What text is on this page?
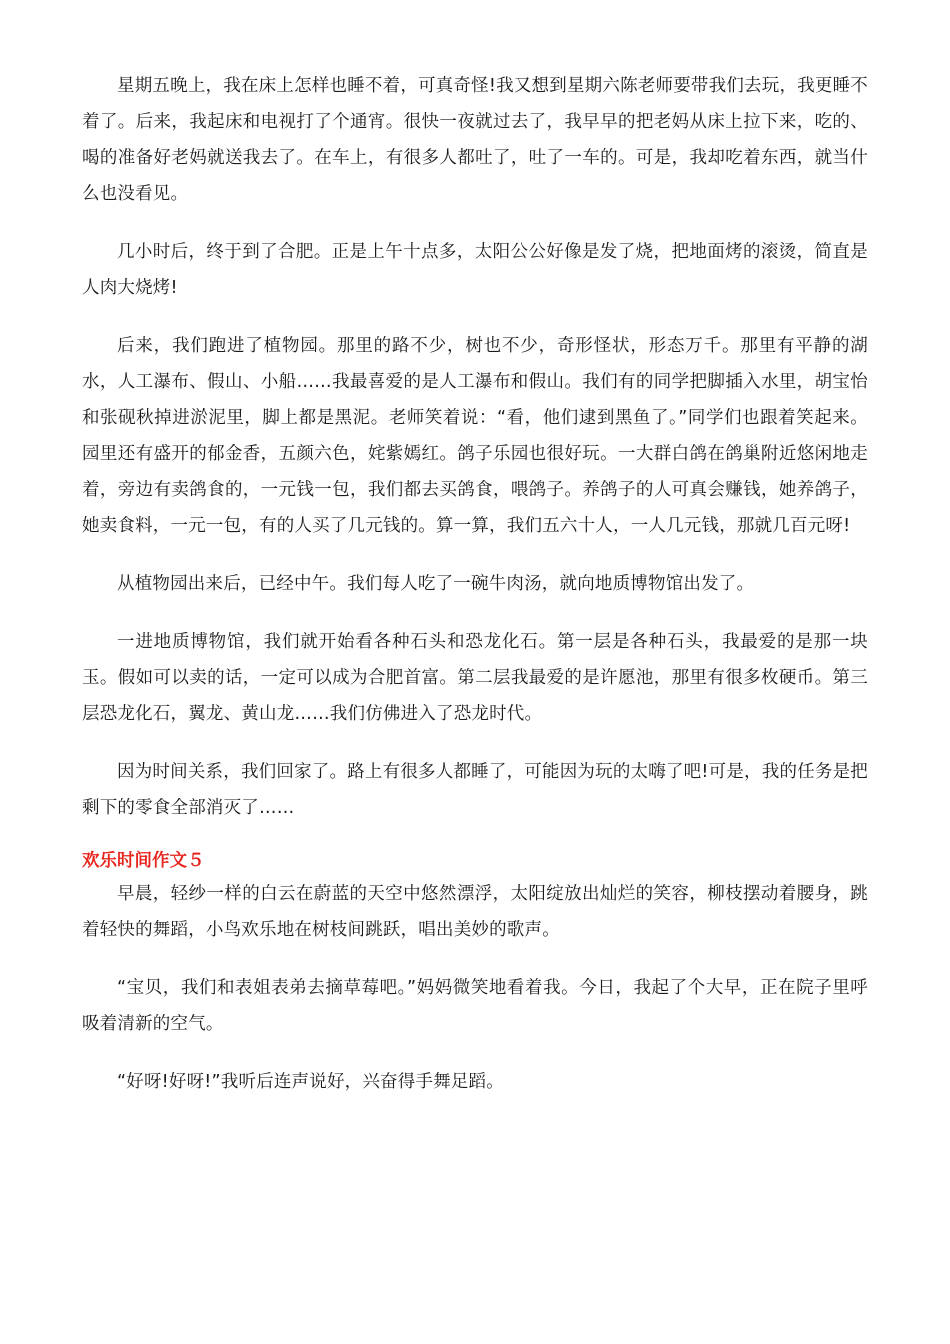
星期五晚上，我在床上怎样也睡不着，可真奇怪!我又想到星期六陈老师要带我们去玩，我更睡不着了。后来，我起床和电视打了个通宵。很快一夜就过去了，我早早的把老妈从床上拉下来，吃的、喝的准备好老妈就送我去了。在车上，有很多人都吐了，吐了一车的。可是，我却吃着东西，就当什么也没看见。

几小时后，终于到了合肥。正是上午十点多，太阳公公好像是发了烧，把地面烤的滚烫，简直是人肉大烧烤!

后来，我们跑进了植物园。那里的路不少，树也不少，奇形怪状，形态万千。那里有平静的湖水，人工瀑布、假山、小船……我最喜爱的是人工瀑布和假山。我们有的同学把脚插入水里，胡宝怡和张砚秋掉进淤泥里，脚上都是黑泥。老师笑着说：“看，他们逮到黑鱼了。”同学们也跟着笑起来。园里还有盛开的郁金香，五颜六色，姹紫嫣红。鸽子乐园也很好玩。一大群白鸽在鸽巢附近悠闲地走着，旁边有卖鸽食的，一元钱一包，我们都去买鸽食，喂鸽子。养鸽子的人可真会赚钱，她养鸽子，她卖食料，一元一包，有的人买了几元钱的。算一算，我们五六十人，一人几元钱，那就几百元呀!

从植物园出来后，已经中午。我们每人吃了一碗牛肉汤，就向地质博物馆出发了。

一进地质博物馆，我们就开始看各种石头和恐龙化石。第一层是各种石头，我最爱的是那一块玉。假如可以卖的话，一定可以成为合肥首富。第二层我最爱的是许愿池，那里有很多枚硬币。第三层恐龙化石，翼龙、黄山龙……我们仿佛进入了恐龙时代。

因为时间关系，我们回家了。路上有很多人都睡了，可能因为玩的太嗨了吧!可是，我的任务是把剩下的零食全部消灭了……

欢乐时间作文５

早晨，轻纱一样的白云在蔚蓝的天空中悠然漂浮，太阳绽放出灿烂的笑容，柳枝摆动着腰身，跳着轻快的舞蹈，小鸟欢乐地在树枝间跳跃，唱出美妙的歌声。

“宝贝，我们和表姐表弟去摘草莓吧。”妈妈微笑地看着我。今日，我起了个大早，正在院子里呼吸着清新的空气。

“好呀!好呀!”我听后连声说好，兴奋得手舞足蹈。
